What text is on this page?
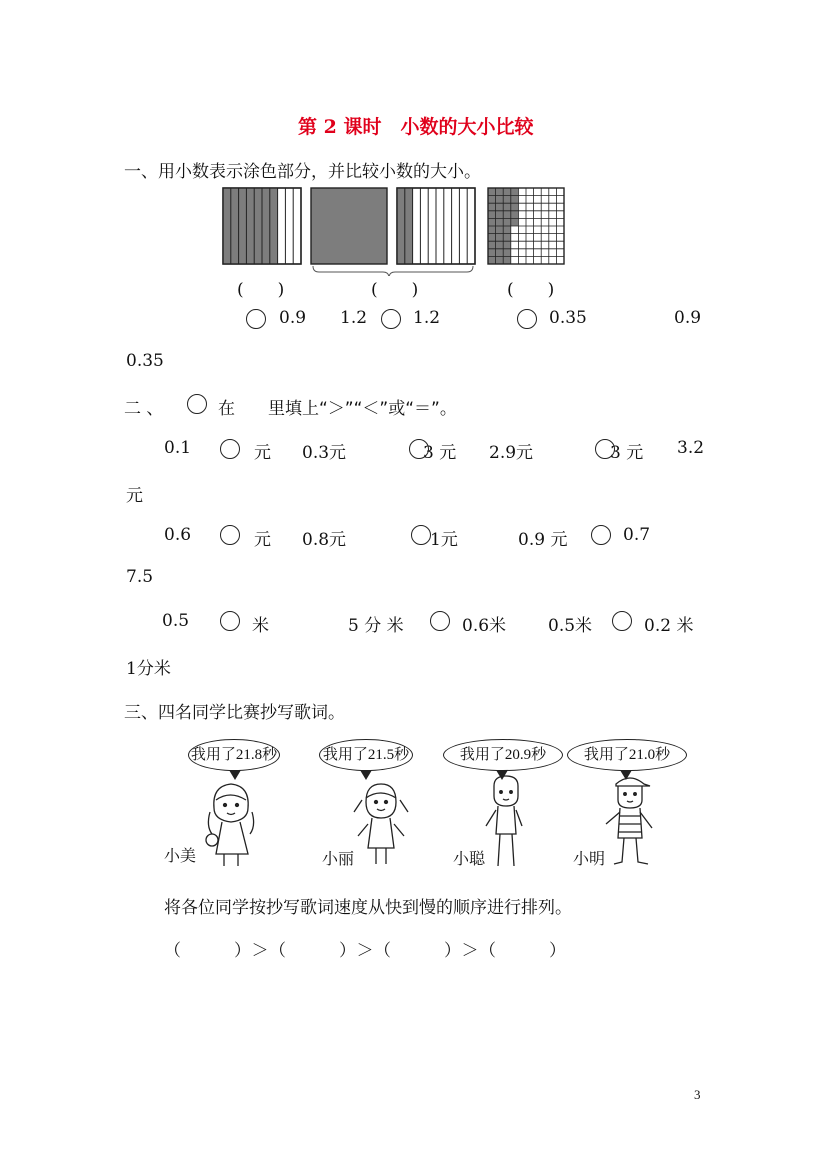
第 2 课时　小数的大小比较
一、用小数表示涂色部分，并比较小数的大小。
(　　)	(　　)	(　　)
0.9 1.2	1.2	0.35	0.9
0.35
二 、	在 里填上“＞”“＜”或“＝”。
0.1	元 0.3元	3 元 2.9元	3 元 3.2
元
0.6	元 0.8元	1元	0.9 元	0.7
7.5
0.5	米	5 分 米	0.6米 0.5米	0.2 米
1分米
三、四名同学比赛抄写歌词。
我用了21.8秒	我用了21.5秒	我用了20.9秒	我用了21.0秒
小美	小丽	小聪	小明
将各位同学按抄写歌词速度从快到慢的顺序进行排列。
（　　　）＞（　　　）＞（　　　）＞（　　　）
3
